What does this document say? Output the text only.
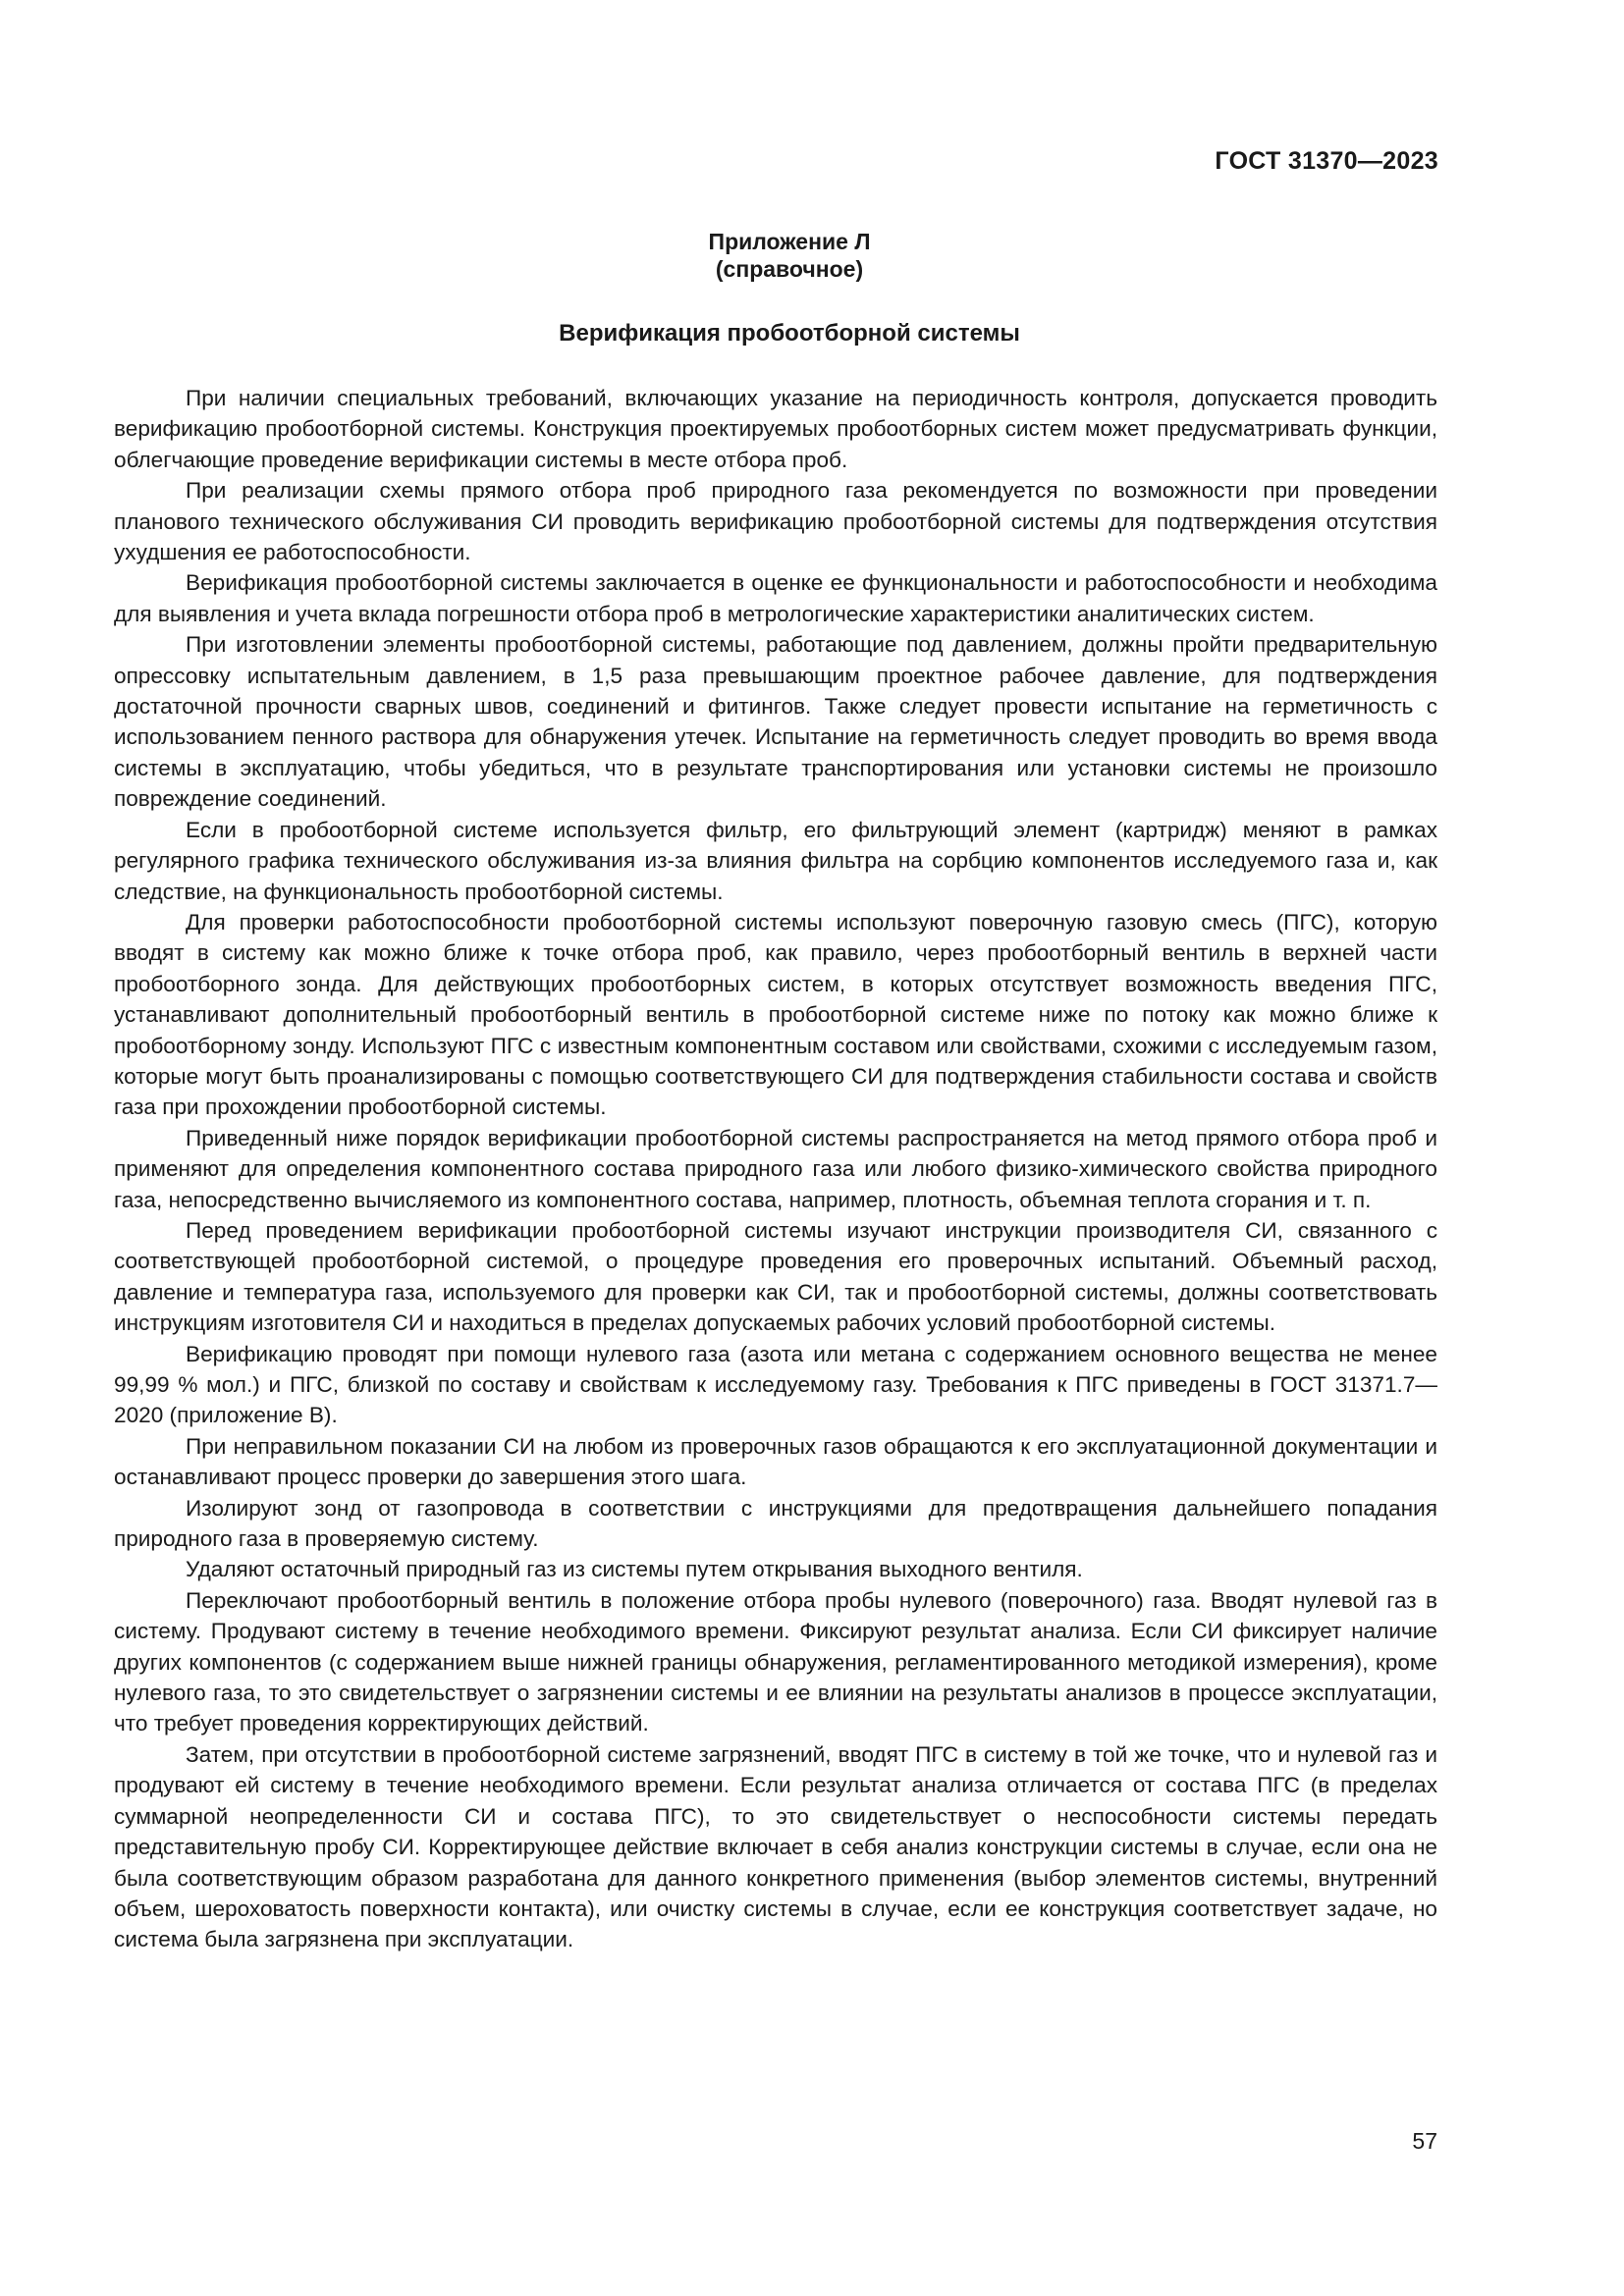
ГОСТ 31370—2023
Приложение Л
(справочное)
Верификация пробоотборной системы

При наличии специальных требований, включающих указание на периодичность контроля, допускается проводить верификацию пробоотборной системы. Конструкция проектируемых пробоотборных систем может предусматривать функции, облегчающие проведение верификации системы в месте отбора проб.

При реализации схемы прямого отбора проб природного газа рекомендуется по возможности при проведении планового технического обслуживания СИ проводить верификацию пробоотборной системы для подтверждения отсутствия ухудшения ее работоспособности.

Верификация пробоотборной системы заключается в оценке ее функциональности и работоспособности и необходима для выявления и учета вклада погрешности отбора проб в метрологические характеристики аналитических систем.

При изготовлении элементы пробоотборной системы, работающие под давлением, должны пройти предварительную опрессовку испытательным давлением, в 1,5 раза превышающим проектное рабочее давление, для подтверждения достаточной прочности сварных швов, соединений и фитингов. Также следует провести испытание на герметичность с использованием пенного раствора для обнаружения утечек. Испытание на герметичность следует проводить во время ввода системы в эксплуатацию, чтобы убедиться, что в результате транспортирования или установки системы не произошло повреждение соединений.

Если в пробоотборной системе используется фильтр, его фильтрующий элемент (картридж) меняют в рамках регулярного графика технического обслуживания из-за влияния фильтра на сорбцию компонентов исследуемого газа и, как следствие, на функциональность пробоотборной системы.

Для проверки работоспособности пробоотборной системы используют поверочную газовую смесь (ПГС), которую вводят в систему как можно ближе к точке отбора проб, как правило, через пробоотборный вентиль в верхней части пробоотборного зонда. Для действующих пробоотборных систем, в которых отсутствует возможность введения ПГС, устанавливают дополнительный пробоотборный вентиль в пробоотборной системе ниже по потоку как можно ближе к пробоотборному зонду. Используют ПГС с известным компонентным составом или свойствами, схожими с исследуемым газом, которые могут быть проанализированы с помощью соответствующего СИ для подтверждения стабильности состава и свойств газа при прохождении пробоотборной системы.

Приведенный ниже порядок верификации пробоотборной системы распространяется на метод прямого отбора проб и применяют для определения компонентного состава природного газа или любого физико-химического свойства природного газа, непосредственно вычисляемого из компонентного состава, например, плотность, объемная теплота сгорания и т. п.

Перед проведением верификации пробоотборной системы изучают инструкции производителя СИ, связанного с соответствующей пробоотборной системой, о процедуре проведения его проверочных испытаний. Объемный расход, давление и температура газа, используемого для проверки как СИ, так и пробоотборной системы, должны соответствовать инструкциям изготовителя СИ и находиться в пределах допускаемых рабочих условий пробоотборной системы.

Верификацию проводят при помощи нулевого газа (азота или метана с содержанием основного вещества не менее 99,99 % мол.) и ПГС, близкой по составу и свойствам к исследуемому газу. Требования к ПГС приведены в ГОСТ 31371.7—2020 (приложение В).

При неправильном показании СИ на любом из проверочных газов обращаются к его эксплуатационной документации и останавливают процесс проверки до завершения этого шага.

Изолируют зонд от газопровода в соответствии с инструкциями для предотвращения дальнейшего попадания природного газа в проверяемую систему.

Удаляют остаточный природный газ из системы путем открывания выходного вентиля.

Переключают пробоотборный вентиль в положение отбора пробы нулевого (поверочного) газа. Вводят нулевой газ в систему. Продувают систему в течение необходимого времени. Фиксируют результат анализа. Если СИ фиксирует наличие других компонентов (с содержанием выше нижней границы обнаружения, регламентированного методикой измерения), кроме нулевого газа, то это свидетельствует о загрязнении системы и ее влиянии на результаты анализов в процессе эксплуатации, что требует проведения корректирующих действий.

Затем, при отсутствии в пробоотборной системе загрязнений, вводят ПГС в систему в той же точке, что и нулевой газ и продувают ей систему в течение необходимого времени. Если результат анализа отличается от состава ПГС (в пределах суммарной неопределенности СИ и состава ПГС), то это свидетельствует о неспособности системы передать представительную пробу СИ. Корректирующее действие включает в себя анализ конструкции системы в случае, если она не была соответствующим образом разработана для данного конкретного применения (выбор элементов системы, внутренний объем, шероховатость поверхности контакта), или очистку системы в случае, если ее конструкция соответствует задаче, но система была загрязнена при эксплуатации.

57
